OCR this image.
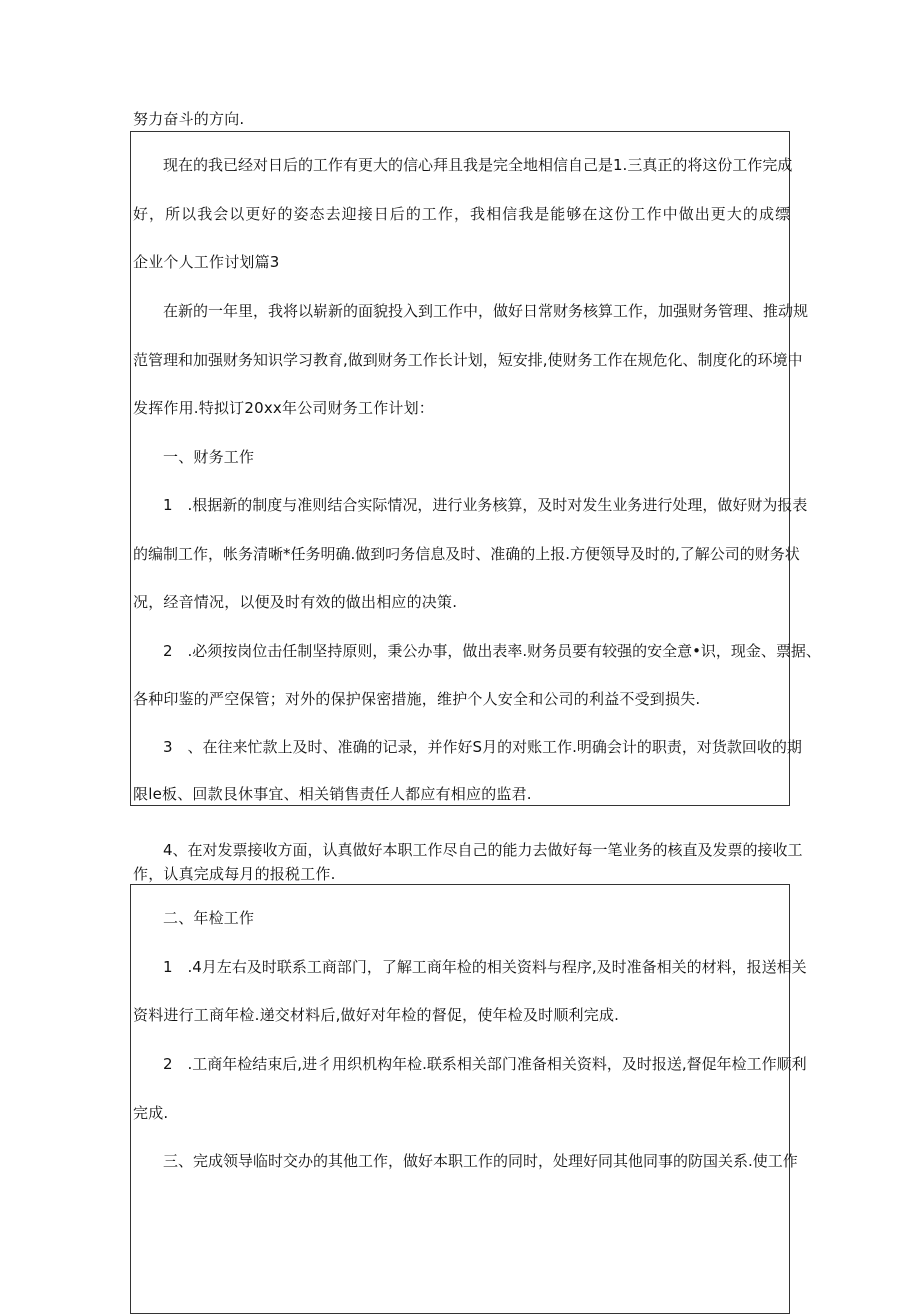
努力奋斗的方向.
现在的我已经对日后的工作有更大的信心拜且我是完全地相信自己是1.三真正的将这份工作完成
好，所以我会以更好的姿态去迎接日后的工作，我相信我是能够在这份工作中做出更大的成缥
企业个人工作讨划篇3
在新的一年里，我将以崭新的面貌投入到工作中，做好日常财务核算工作，加强财务管理、推动规
范管理和加强财务知识学习教育,做到财务工作长计划，短安排,使财务工作在规危化、制度化的环境中
发挥作用.特拟订20xx年公司财务工作计划：
一、财务工作
1　.根据新的制度与准则结合实际情况，进行业务核算，及时对发生业务进行处理，做好财为报表
的编制工作，帐务清晰*任务明确.做到叼务信息及时、准确的上报.方便领导及时的,了解公司的财务状
况，经音情况，以便及时有效的做出相应的决策.
2　.必须按岗位击任制坚持原则，秉公办事，做出表率.财务员要有较强的安全意•识，现金、票据、
各种印鉴的严空保管；对外的保护保密措施，维护个人安全和公司的利益不受到损失.
3　、在往来忙款上及时、准确的记录，并作好S月的对账工作.明确会计的职责，对货款回收的期
限le板、回款艮休事宜、相关销售责任人都应有相应的监君.
4、在对发票接收方面，认真做好本职工作尽自己的能力去做好每一笔业务的核直及发票的接收工
作，认真完成每月的报税工作.
二、年检工作
1　.4月左右及时联系工商部门，了解工商年检的相关资料与程序,及时准备相关的材料，报送相关
资料进行工商年检.递交材料后,做好对年检的督促，使年检及时顺利完成.
2　.工商年检结束后,进彳用织机构年检.联系相关部门准备相关资料，及时报送,督促年检工作顺利
完成.
三、完成领导临时交办的其他工作，做好本职工作的同时，处理好同其他同事的防国关系.使工作
